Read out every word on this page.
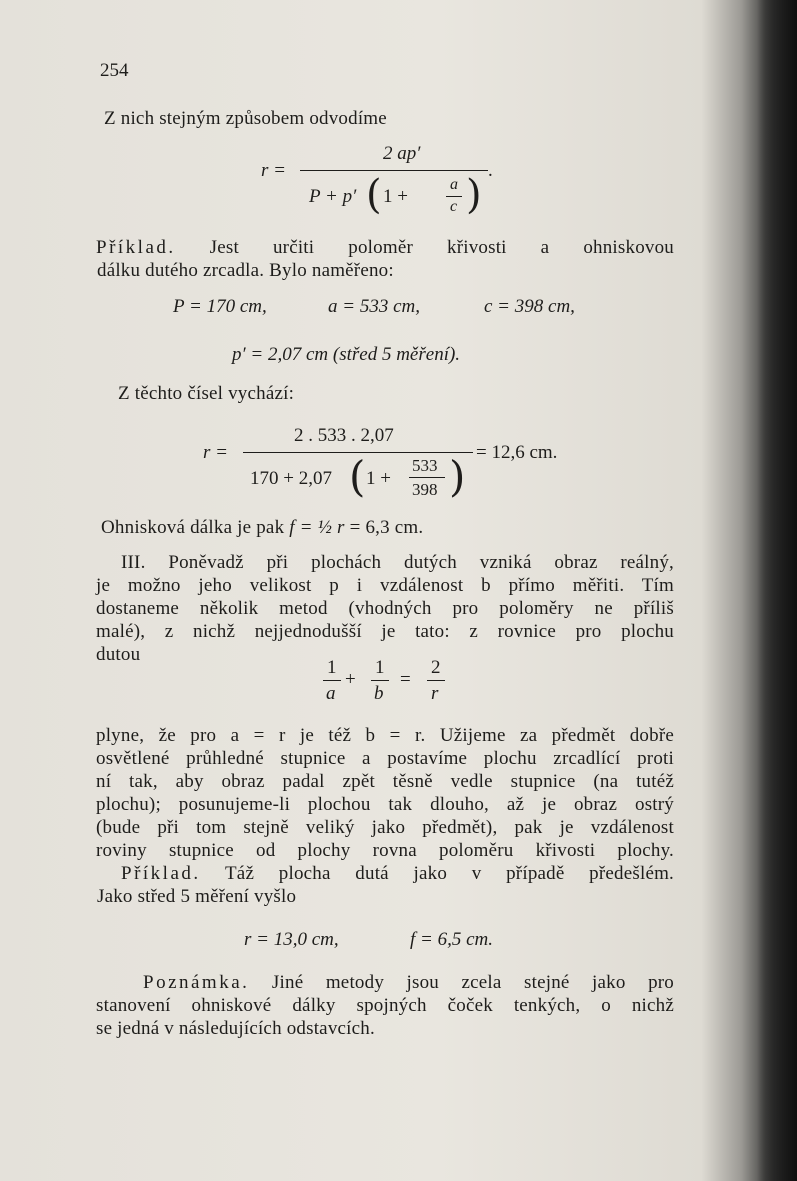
254
Z nich stejným způsobem odvodíme
r =
2 ap′
P + p′ ( 1 +
a
c )
.
Příklad. Jest určiti poloměr křivosti a ohniskovou
dálku dutého zrcadla. Bylo naměřeno:
P = 170 cm,	a = 533 cm,	c = 398 cm,
p′ = 2,07 cm (střed 5 měření).
Z těchto čísel vychází:
r =
2 . 533 . 2,07
170 + 2,07 ( 1 +
533
398 ) = 12,6 cm.
Ohnisková dálka je pak f = ½ r = 6,3 cm.
III. Poněvadž při plochách dutých vzniká obraz reálný,
je možno jeho velikost p i vzdálenost b přímo měřiti. Tím
dostaneme několik metod (vhodných pro poloměry ne příliš
malé), z nichž nejjednodušší je tato: z rovnice pro plochu
dutou
1
a
+
1
b
=
2
r
plyne, že pro a = r je též b = r. Užijeme za předmět dobře
osvětlené průhledné stupnice a postavíme plochu zrcadlící proti
ní tak, aby obraz padal zpět těsně vedle stupnice (na tutéž
plochu); posunujeme-li plochou tak dlouho, až je obraz ostrý
(bude při tom stejně veliký jako předmět), pak je vzdálenost
roviny stupnice od plochy rovna poloměru křivosti plochy.
Příklad. Táž plocha dutá jako v případě předešlém.
Jako střed 5 měření vyšlo
r = 13,0 cm,	f = 6,5 cm.
Poznámka. Jiné metody jsou zcela stejné jako pro
stanovení ohniskové dálky spojných čoček tenkých, o nichž
se jedná v následujících odstavcích.
